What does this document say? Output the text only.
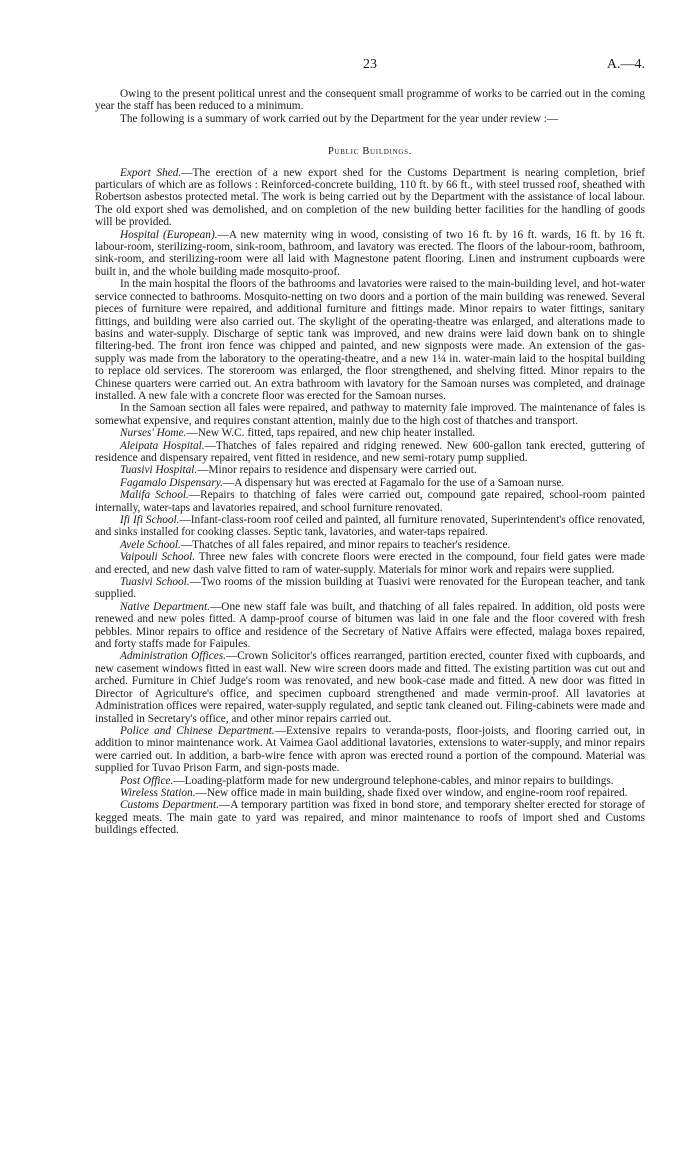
23	A.—4.

Owing to the present political unrest and the consequent small programme of works to be carried out in the coming year the staff has been reduced to a minimum.

The following is a summary of work carried out by the Department for the year under review :—

Public Buildings.

Export Shed.—The erection of a new export shed for the Customs Department is nearing completion, brief particulars of which are as follows : Reinforced-concrete building, 110 ft. by 66 ft., with steel trussed roof, sheathed with Robertson asbestos protected metal. The work is being carried out by the Department with the assistance of local labour. The old export shed was demolished, and on completion of the new building better facilities for the handling of goods will be provided.

Hospital (European).—A new maternity wing in wood, consisting of two 16 ft. by 16 ft. wards, 16 ft. by 16 ft. labour-room, sterilizing-room, sink-room, bathroom, and lavatory was erected. The floors of the labour-room, bathroom, sink-room, and sterilizing-room were all laid with Magnestone patent flooring. Linen and instrument cupboards were built in, and the whole building made mosquito-proof.

In the main hospital the floors of the bathrooms and lavatories were raised to the main-building level, and hot-water service connected to bathrooms. Mosquito-netting on two doors and a portion of the main building was renewed. Several pieces of furniture were repaired, and additional furniture and fittings made. Minor repairs to water fittings, sanitary fittings, and building were also carried out. The skylight of the operating-theatre was enlarged, and alterations made to basins and water-supply. Discharge of septic tank was improved, and new drains were laid down bank on to shingle filtering-bed. The front iron fence was chipped and painted, and new signposts were made. An extension of the gas-supply was made from the laboratory to the operating-theatre, and a new 1¼ in. water-main laid to the hospital building to replace old services. The storeroom was enlarged, the floor strengthened, and shelving fitted. Minor repairs to the Chinese quarters were carried out. An extra bathroom with lavatory for the Samoan nurses was completed, and drainage installed. A new fale with a concrete floor was erected for the Samoan nurses.

In the Samoan section all fales were repaired, and pathway to maternity fale improved. The maintenance of fales is somewhat expensive, and requires constant attention, mainly due to the high cost of thatches and transport.

Nurses' Home.—New W.C. fitted, taps repaired, and new chip heater installed.

Aleipata Hospital.—Thatches of fales repaired and ridging renewed. New 600-gallon tank erected, guttering of residence and dispensary repaired, vent fitted in residence, and new semi-rotary pump supplied.

Tuasivi Hospital.—Minor repairs to residence and dispensary were carried out.

Fagamalo Dispensary.—A dispensary hut was erected at Fagamalo for the use of a Samoan nurse.

Malifa School.—Repairs to thatching of fales were carried out, compound gate repaired, school-room painted internally, water-taps and lavatories repaired, and school furniture renovated.

Ifi Ifi School.—Infant-class-room roof ceiled and painted, all furniture renovated, Superintendent's office renovated, and sinks installed for cooking classes. Septic tank, lavatories, and water-taps repaired.

Avele School.—Thatches of all fales repaired, and minor repairs to teacher's residence.

Vaipouli School. Three new fales with concrete floors were erected in the compound, four field gates were made and erected, and new dash valve fitted to ram of water-supply. Materials for minor work and repairs were supplied.

Tuasivi School.—Two rooms of the mission building at Tuasivi were renovated for the European teacher, and tank supplied.

Native Department.—One new staff fale was built, and thatching of all fales repaired. In addition, old posts were renewed and new poles fitted. A damp-proof course of bitumen was laid in one fale and the floor covered with fresh pebbles. Minor repairs to office and residence of the Secretary of Native Affairs were effected, malaga boxes repaired, and forty staffs made for Faipules.

Administration Offices.—Crown Solicitor's offices rearranged, partition erected, counter fixed with cupboards, and new casement windows fitted in east wall. New wire screen doors made and fitted. The existing partition was cut out and arched. Furniture in Chief Judge's room was renovated, and new book-case made and fitted. A new door was fitted in Director of Agriculture's office, and specimen cupboard strengthened and made vermin-proof. All lavatories at Administration offices were repaired, water-supply regulated, and septic tank cleaned out. Filing-cabinets were made and installed in Secretary's office, and other minor repairs carried out.

Police and Chinese Department.—Extensive repairs to veranda-posts, floor-joists, and flooring carried out, in addition to minor maintenance work. At Vaimea Gaol additional lavatories, extensions to water-supply, and minor repairs were carried out. In addition, a barb-wire fence with apron was erected round a portion of the compound. Material was supplied for Tuvao Prison Farm, and sign-posts made.

Post Office.—Loading-platform made for new underground telephone-cables, and minor repairs to buildings.

Wireless Station.—New office made in main building, shade fixed over window, and engine-room roof repaired.

Customs Department.—A temporary partition was fixed in bond store, and temporary shelter erected for storage of kegged meats. The main gate to yard was repaired, and minor maintenance to roofs of import shed and Customs buildings effected.
